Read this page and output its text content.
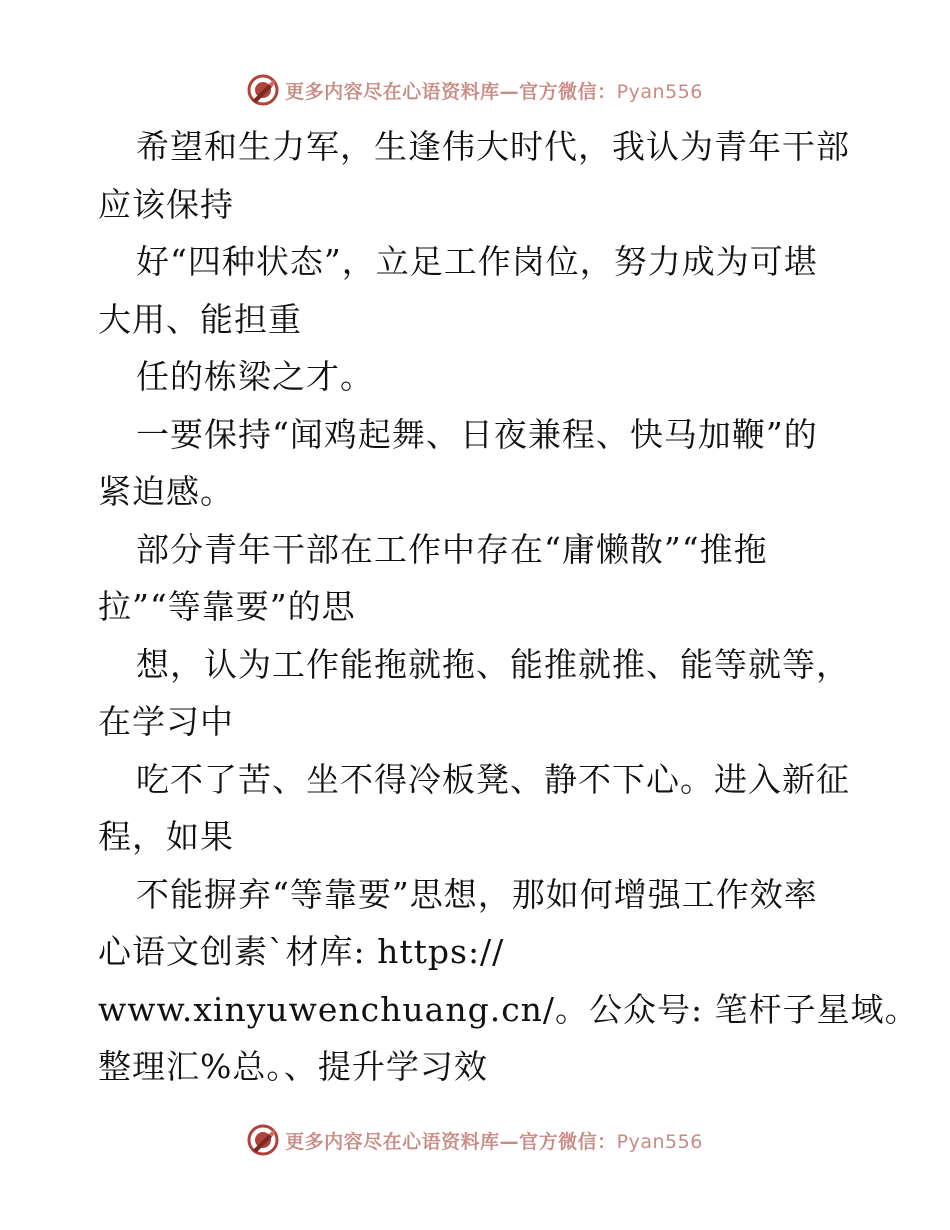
更多内容尽在心语资料库—官方微信：Pyan556
希望和生力军，生逢伟大时代，我认为青年干部
应该保持
好“四种状态”，立足工作岗位，努力成为可堪
大用、能担重
任的栋梁之才。
一要保持“闻鸡起舞、日夜兼程、快马加鞭”的
紧迫感。
部分青年干部在工作中存在“庸懒散”“推拖
拉”“等靠要”的思
想，认为工作能拖就拖、能推就推、能等就等，
在学习中
吃不了苦、坐不得冷板凳、静不下心。进入新征
程，如果
不能摒弃“等靠要”思想，那如何增强工作效率
心语文创素`材库: https://
www.xinyuwenchuang.cn/。公众号: 笔杆子星域。
整理汇%总。、提升学习效
更多内容尽在心语资料库—官方微信：Pyan556
